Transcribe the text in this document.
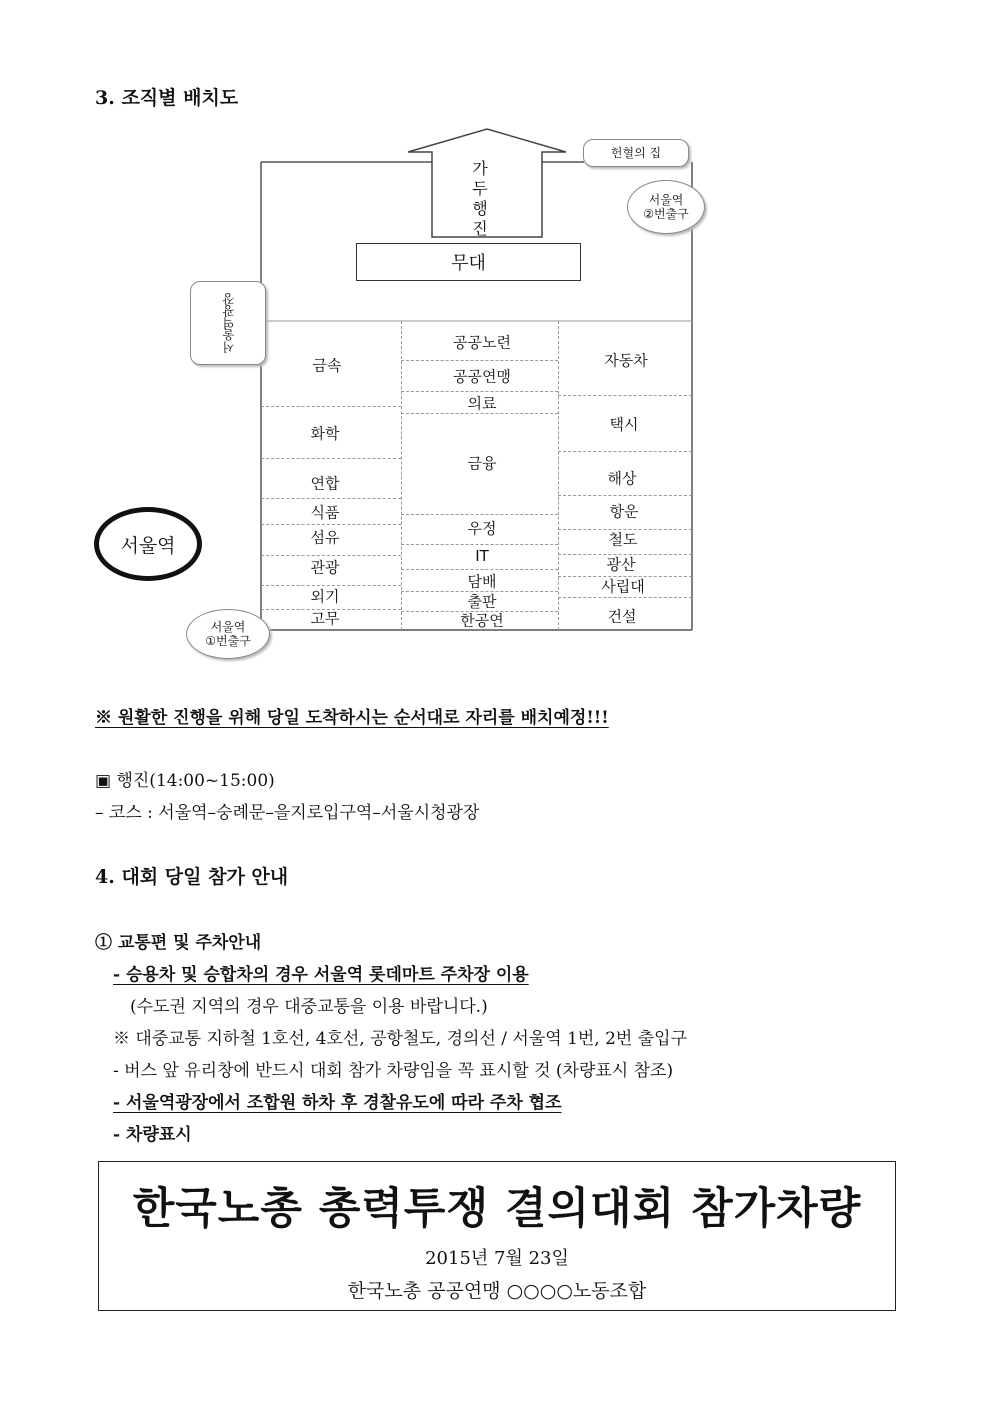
3. 조직별 배치도
가
두
행
진
무대
헌혈의 집
서울역
②번출구
서울역
①번출구
서울역광장
서울역
금속
화학
연합
식품
섬유
관광
외기
고무
공공노련
공공연맹
의료
금융
우정
IT
담배
출판
한공연
자동차
택시
해상
항운
철도
광산
사립대
건설
※ 원활한 진행을 위해 당일 도착하시는 순서대로 자리를 배치예정!!!
▣ 행진(14:00~15:00)
– 코스 : 서울역–숭례문–을지로입구역–서울시청광장
4. 대회 당일 참가 안내
① 교통편 및 주차안내
- 승용차 및 승합차의 경우 서울역 롯데마트 주차장 이용
(수도권 지역의 경우 대중교통을 이용 바랍니다.)
※ 대중교통 지하철 1호선, 4호선, 공항철도, 경의선 / 서울역 1번, 2번 출입구
- 버스 앞 유리창에 반드시 대회 참가 차량임을 꼭 표시할 것 (차량표시 참조)
- 서울역광장에서 조합원 하차 후 경찰유도에 따라 주차 협조
- 차량표시
한국노총 총력투쟁 결의대회 참가차량
2015년 7월 23일
한국노총 공공연맹 ○○○○노동조합
